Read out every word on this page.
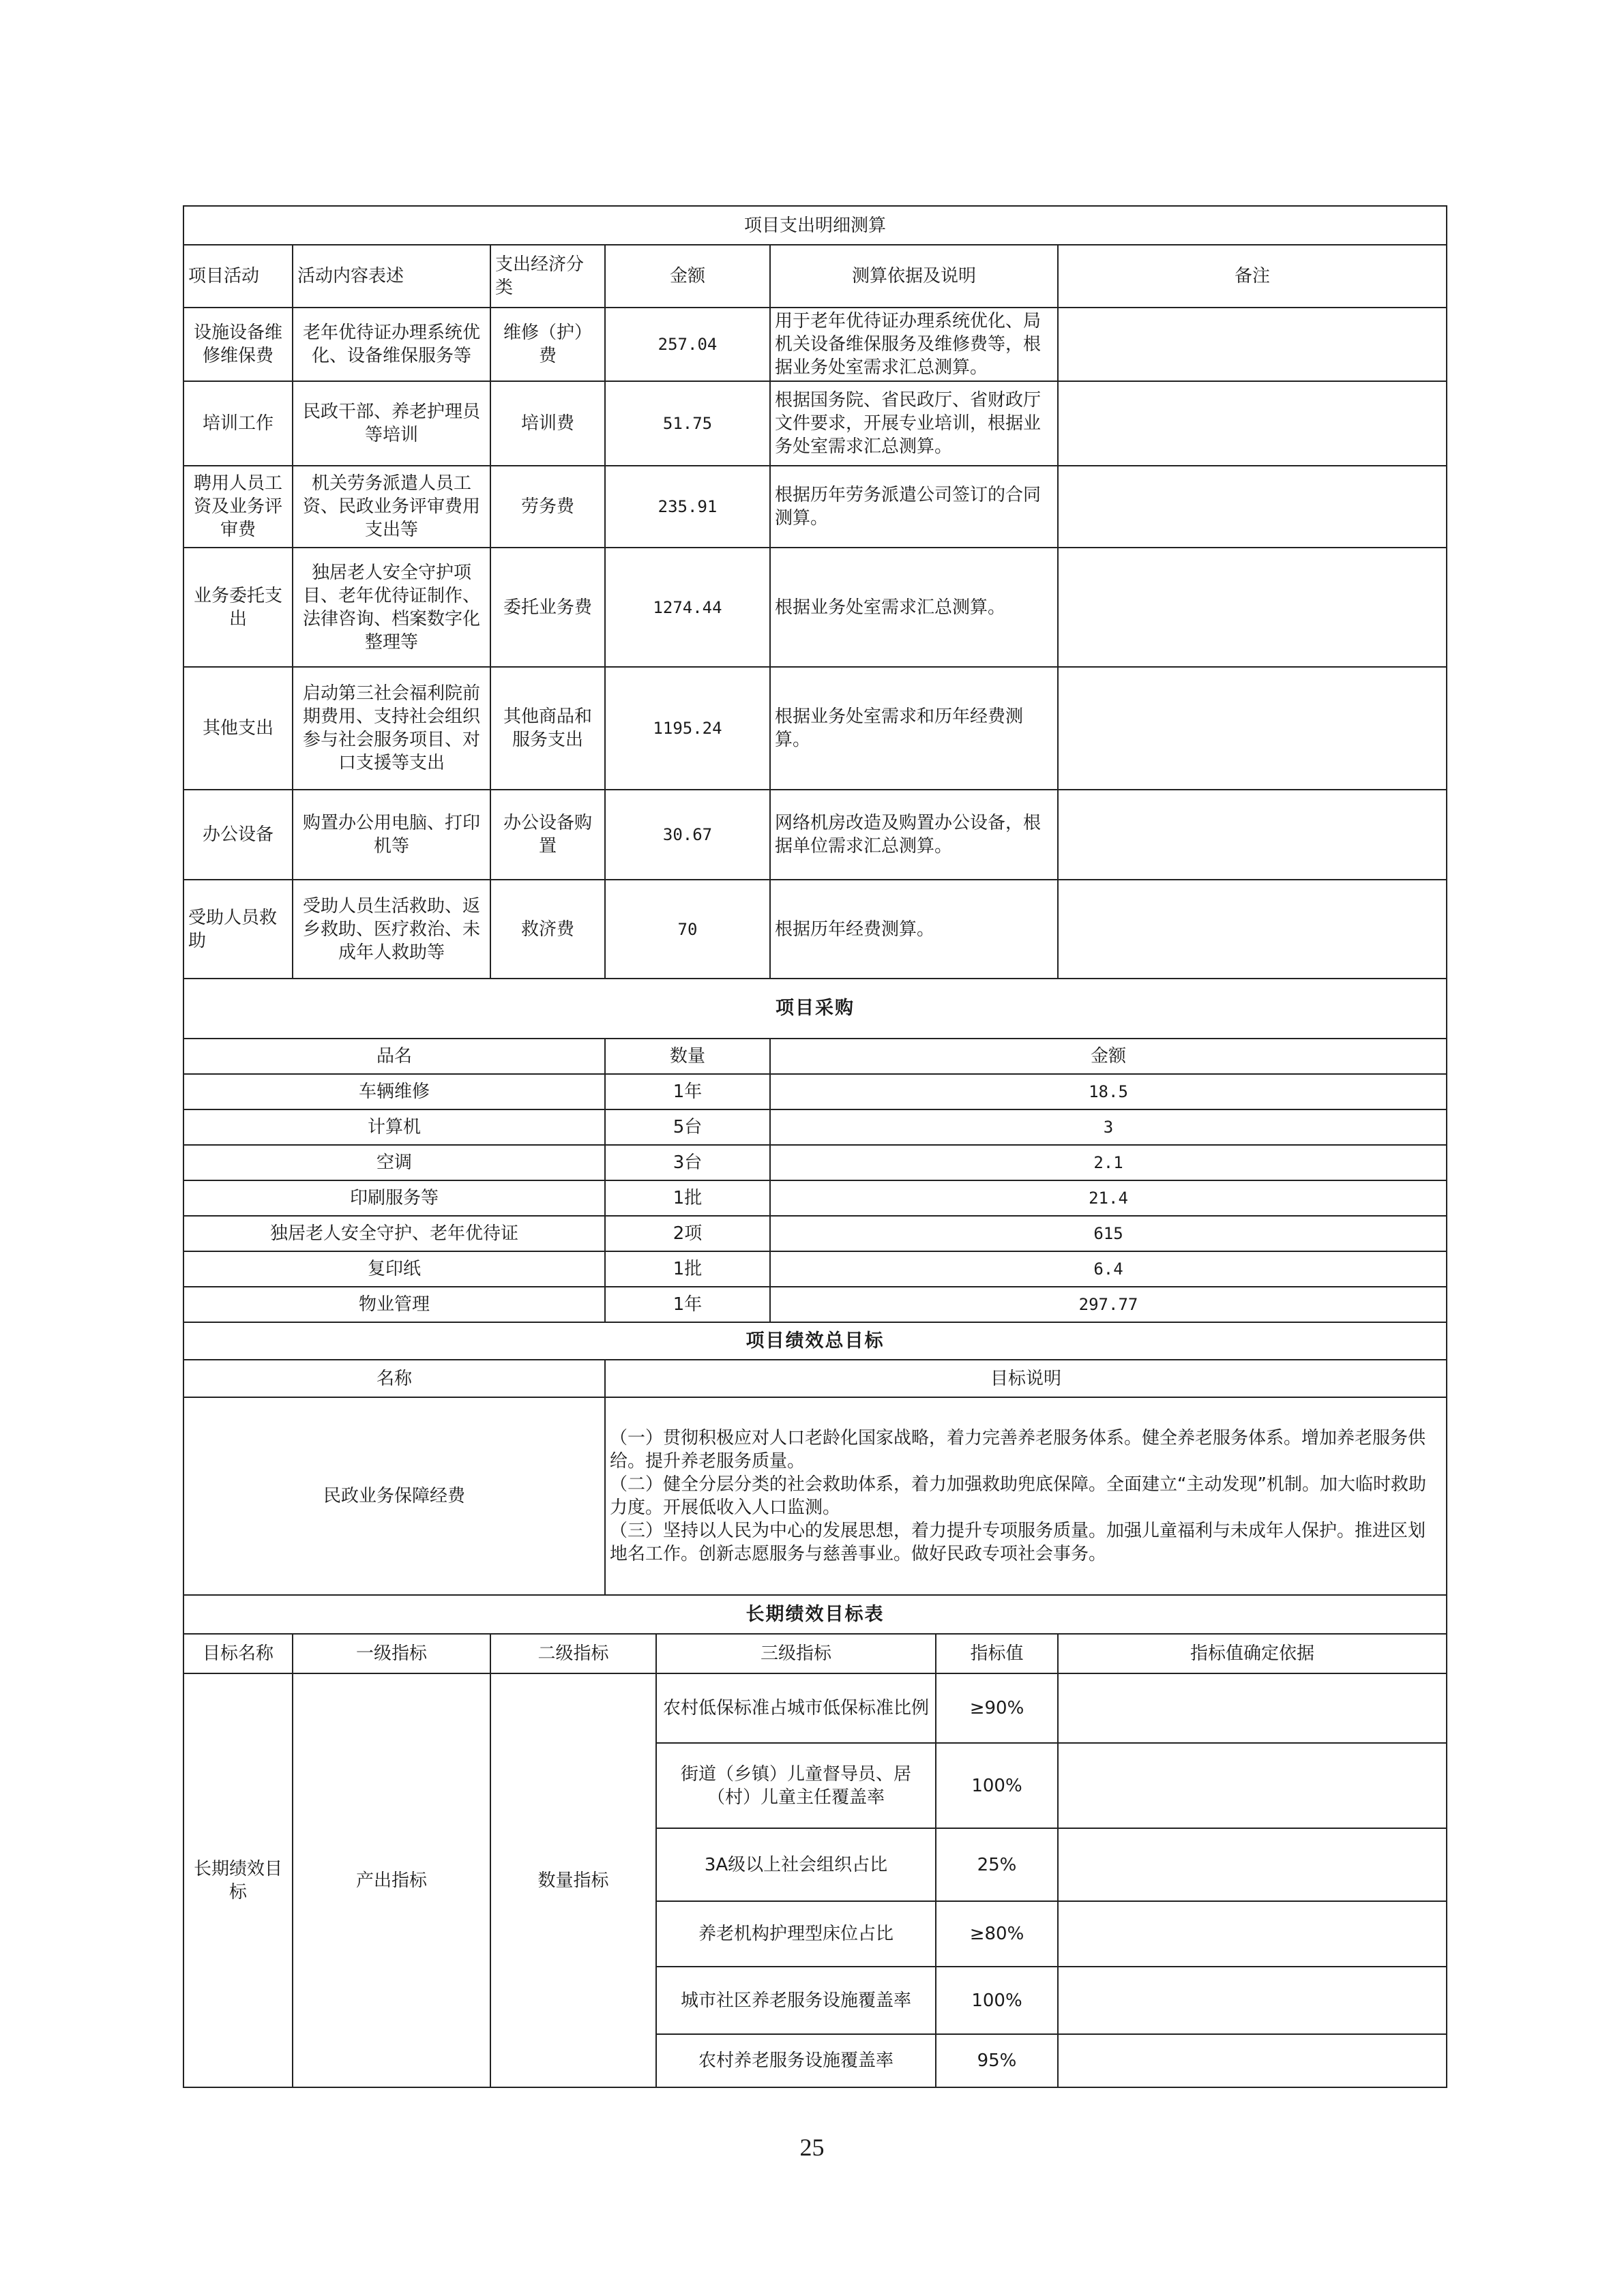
项目支出明细测算							
项目活动	活动内容表述	支出经济分类	金额		测算依据及说明		备注
设施设备维修维保费	老年优待证办理系统优化、设备维保服务等	维修（护）费	257.04		用于老年优待证办理系统优化、局机关设备维保服务及维修费等，根据业务处室需求汇总测算。		
培训工作	民政干部、养老护理员等培训	培训费	51.75		根据国务院、省民政厅、省财政厅文件要求，开展专业培训，根据业务处室需求汇总测算。		
聘用人员工资及业务评审费	机关劳务派遣人员工资、民政业务评审费用支出等	劳务费	235.91		根据历年劳务派遣公司签订的合同测算。		
业务委托支出	独居老人安全守护项目、老年优待证制作、法律咨询、档案数字化整理等	委托业务费	1274.44		根据业务处室需求汇总测算。		
其他支出	启动第三社会福利院前期费用、支持社会组织参与社会服务项目、对口支援等支出	其他商品和服务支出	1195.24		根据业务处室需求和历年经费测算。		
办公设备	购置办公用电脑、打印机等	办公设备购置	30.67		网络机房改造及购置办公设备，根据单位需求汇总测算。		
受助人员救助	受助人员生活救助、返乡救助、医疗救治、未成年人救助等	救济费	70		根据历年经费测算。		
项目采购							
品名			数量		金额		
车辆维修			1年		18.5		
计算机			5台		3		
空调			3台		2.1		
印刷服务等			1批		21.4		
独居老人安全守护、老年优待证			2项		615		
复印纸			1批		6.4		
物业管理			1年		297.77		
项目绩效总目标							
名称			目标说明				
民政业务保障经费			（一）贯彻积极应对人口老龄化国家战略，着力完善养老服务体系。健全养老服务体系。增加养老服务供给。提升养老服务质量。
（二）健全分层分类的社会救助体系，着力加强救助兜底保障。全面建立“主动发现”机制。加大临时救助力度。开展低收入人口监测。
（三）坚持以人民为中心的发展思想，着力提升专项服务质量。加强儿童福利与未成年人保护。推进区划地名工作。创新志愿服务与慈善事业。做好民政专项社会事务。				

长期绩效目标表							
目标名称	一级指标	二级指标		三级指标		指标值	指标值确定依据
长期绩效目标	产出指标	数量指标		农村低保标准占城市低保标准比例		≥90%	
				街道（乡镇）儿童督导员、居（村）儿童主任覆盖率		100%	
				3A级以上社会组织占比		25%	
				养老机构护理型床位占比		≥80%	
				城市社区养老服务设施覆盖率		100%	
				农村养老服务设施覆盖率		95%	
25
